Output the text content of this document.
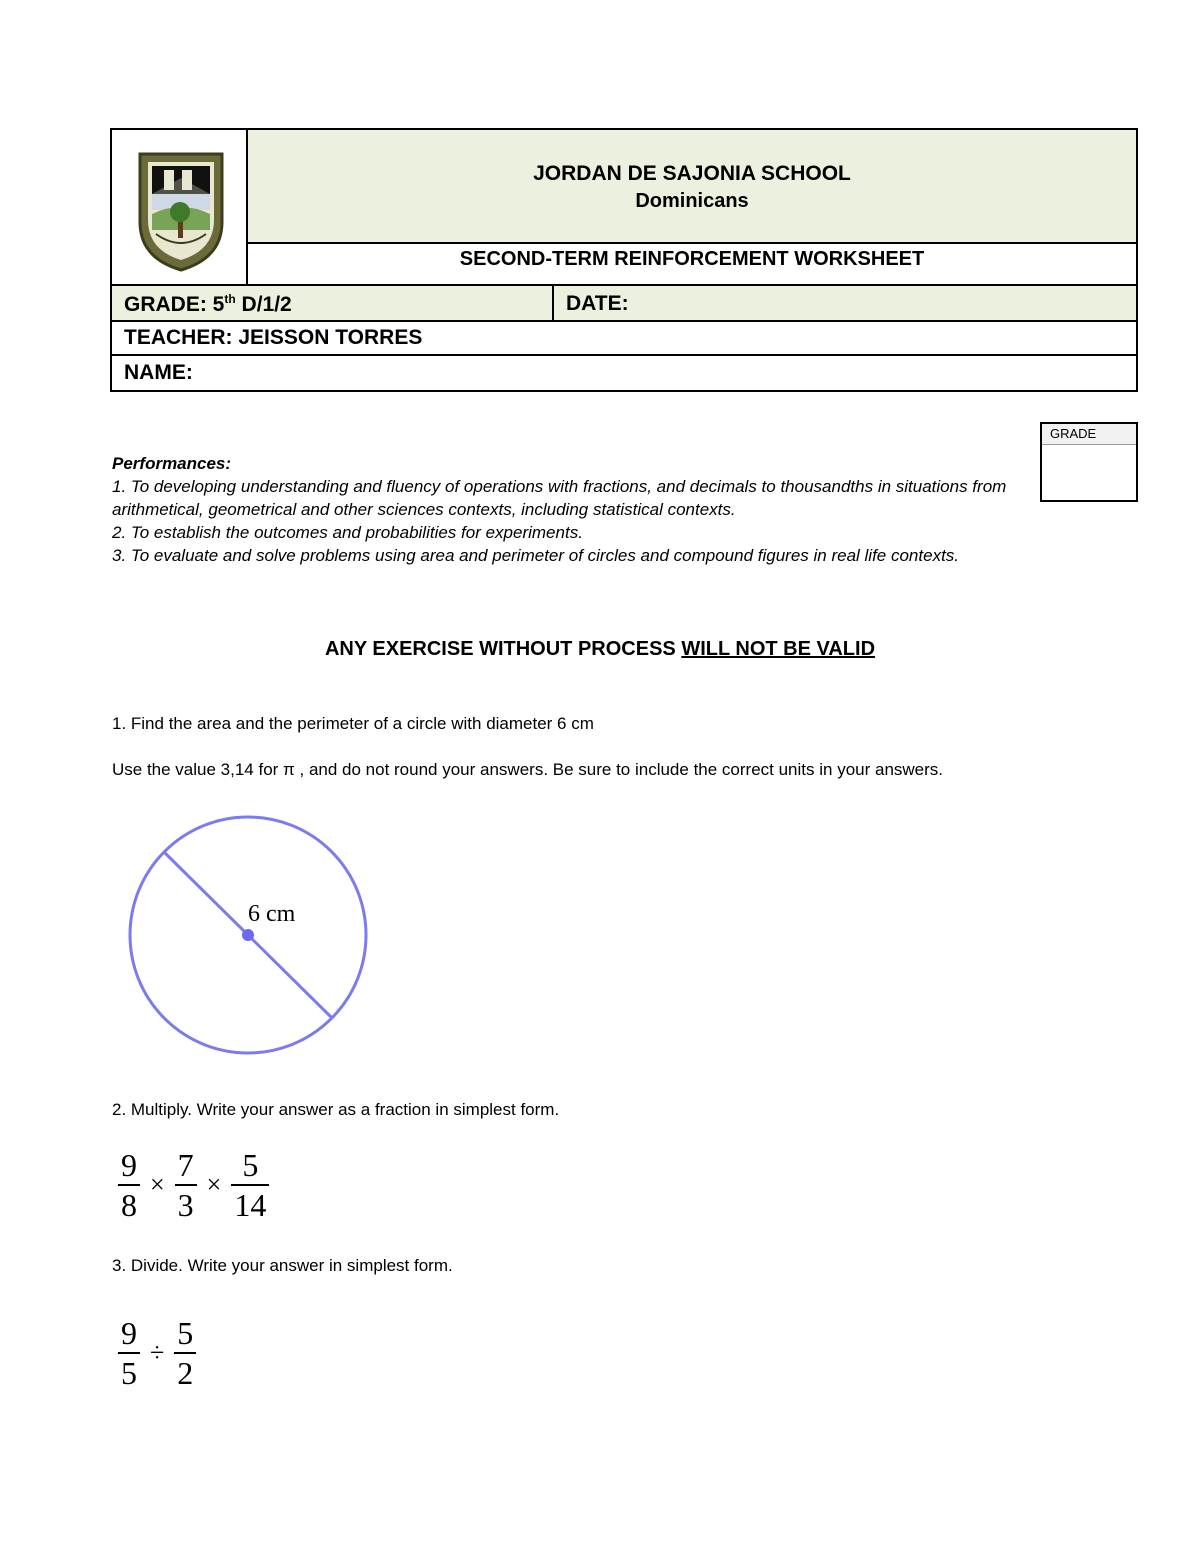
JORDAN DE SAJONIA SCHOOL
Dominicans
SECOND-TERM REINFORCEMENT WORKSHEET
GRADE: 5th D/1/2	DATE:
TEACHER: JEISSON TORRES
NAME:
GRADE
Performances:
1. To developing understanding and fluency of operations with fractions, and decimals to thousandths in situations from arithmetical, geometrical and other sciences contexts, including statistical contexts.
2. To establish the outcomes and probabilities for experiments.
3. To evaluate and solve problems using area and perimeter of circles and compound figures in real life contexts.
ANY EXERCISE WITHOUT PROCESS WILL NOT BE VALID
1. Find the area and the perimeter of a circle with diameter 6 cm
Use the value 3,14 for π , and do not round your answers. Be sure to include the correct units in your answers.
6 cm
2. Multiply. Write your answer as a fraction in simplest form.
$\frac{9}{8} \times \frac{7}{3} \times \frac{5}{14}$
3. Divide. Write your answer in simplest form.
$\frac{9}{5} \div \frac{5}{2}$
